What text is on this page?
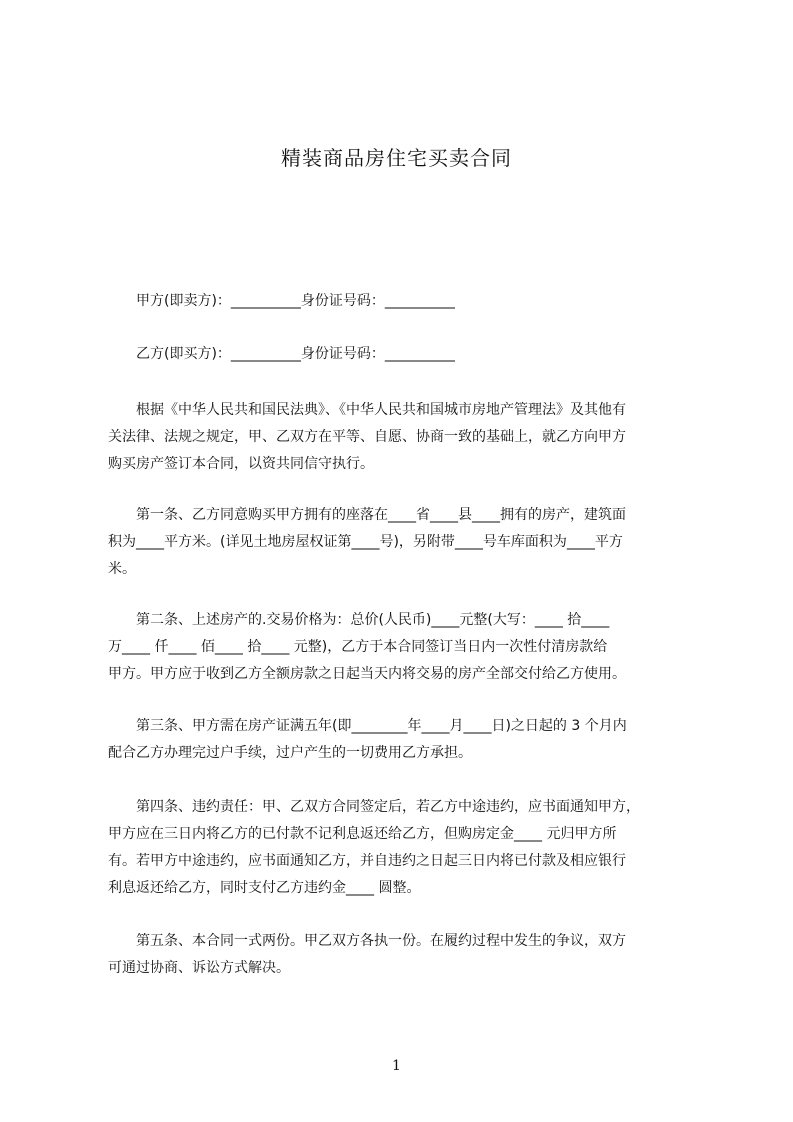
精装商品房住宅买卖合同
甲方(即卖方)：__________身份证号码：__________
乙方(即买方)：__________身份证号码：__________
　　根据《中华人民共和国民法典》、《中华人民共和国城市房地产管理法》及其他有
关法律、法规之规定，甲、乙双方在平等、自愿、协商一致的基础上，就乙方向甲方
购买房产签订本合同，以资共同信守执行。
　　第一条、乙方同意购买甲方拥有的座落在____省____县____拥有的房产，建筑面
积为____平方米。(详见土地房屋权证第____号)，另附带____号车库面积为____平方
米。
　　第二条、上述房产的.交易价格为：总价(人民币)____元整(大写：____ 拾____
万____ 仟____ 佰____ 拾____ 元整)，乙方于本合同签订当日内一次性付清房款给
甲方。甲方应于收到乙方全额房款之日起当天内将交易的房产全部交付给乙方使用。
　　第三条、甲方需在房产证满五年(即________年____月____日)之日起的 3 个月内
配合乙方办理完过户手续，过户产生的一切费用乙方承担。
　　第四条、违约责任：甲、乙双方合同签定后，若乙方中途违约，应书面通知甲方，
甲方应在三日内将乙方的已付款不记利息返还给乙方，但购房定金____ 元归甲方所
有。若甲方中途违约，应书面通知乙方，并自违约之日起三日内将已付款及相应银行
利息返还给乙方，同时支付乙方违约金____ 圆整。
　　第五条、本合同一式两份。甲乙双方各执一份。在履约过程中发生的争议，双方
可通过协商、诉讼方式解决。
1
